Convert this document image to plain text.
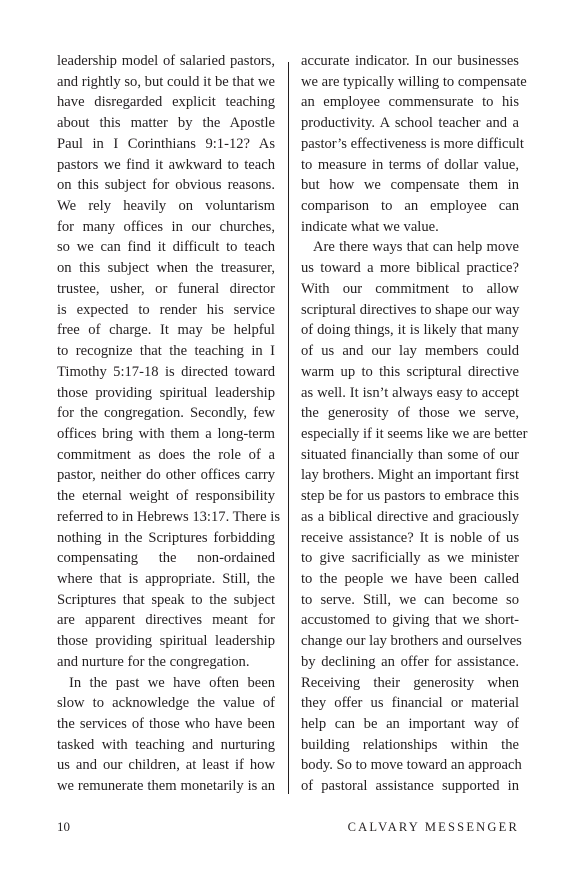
leadership model of salaried pastors,
and rightly so, but could it be that we
have disregarded explicit teaching
about this matter by the Apostle
Paul in I Corinthians 9:1-12? As
pastors we find it awkward to teach
on this subject for obvious reasons.
We rely heavily on voluntarism
for many offices in our churches,
so we can find it difficult to teach
on this subject when the treasurer,
trustee, usher, or funeral director
is expected to render his service
free of charge. It may be helpful
to recognize that the teaching in I
Timothy 5:17-18 is directed toward
those providing spiritual leadership
for the congregation. Secondly, few
offices bring with them a long-term
commitment as does the role of a
pastor, neither do other offices carry
the eternal weight of responsibility
referred to in Hebrews 13:17. There is
nothing in the Scriptures forbidding
compensating the non-ordained
where that is appropriate. Still, the
Scriptures that speak to the subject
are apparent directives meant for
those providing spiritual leadership
and nurture for the congregation.
In the past we have often been
slow to acknowledge the value of
the services of those who have been
tasked with teaching and nurturing
us and our children, at least if how
we remunerate them monetarily is an
accurate indicator. In our businesses
we are typically willing to compensate
an employee commensurate to his
productivity. A school teacher and a
pastor’s effectiveness is more difficult
to measure in terms of dollar value,
but how we compensate them in
comparison to an employee can
indicate what we value.
Are there ways that can help move
us toward a more biblical practice?
With our commitment to allow
scriptural directives to shape our way
of doing things, it is likely that many
of us and our lay members could
warm up to this scriptural directive
as well. It isn’t always easy to accept
the generosity of those we serve,
especially if it seems like we are better
situated financially than some of our
lay brothers. Might an important first
step be for us pastors to embrace this
as a biblical directive and graciously
receive assistance? It is noble of us
to give sacrificially as we minister
to the people we have been called
to serve. Still, we can become so
accustomed to giving that we short-
change our lay brothers and ourselves
by declining an offer for assistance.
Receiving their generosity when
they offer us financial or material
help can be an important way of
building relationships within the
body. So to move toward an approach
of pastoral assistance supported in
10	CALVARY MESSENGER
